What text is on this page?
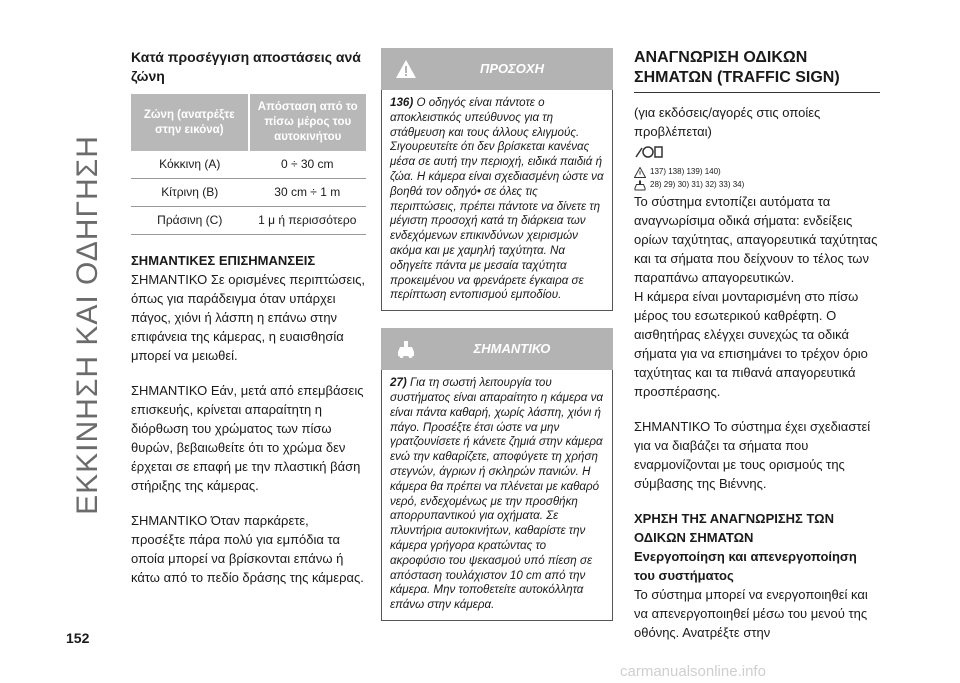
ΕΚΚΙΝΗΣΗ ΚΑΙ ΟΔΗΓΗΣΗ

Κατά προσέγγιση αποστάσεις ανά ζώνη

Ζώνη (ανατρέξτε στην εικόνα)	Απόσταση από το πίσω μέρος του αυτοκινήτου
Κόκκινη (A)	0 ÷ 30 cm
Κίτρινη (B)	30 cm ÷ 1 m
Πράσινη (C)	1 μ ή περισσότερο
ΣΗΜΑΝΤΙΚΕΣ ΕΠΙΣΗΜΑΝΣΕΙΣ

ΣΗΜΑΝΤΙΚΟ Σε ορισμένες περιπτώσεις, όπως για παράδειγμα όταν υπάρχει πάγος, χιόνι ή λάσπη η επάνω στην επιφάνεια της κάμερας, η ευαισθησία μπορεί να μειωθεί.

ΣΗΜΑΝΤΙΚΟ Εάν, μετά από επεμβάσεις επισκευής, κρίνεται απαραίτητη η διόρθωση του χρώματος των πίσω θυρών, βεβαιωθείτε ότι το χρώμα δεν έρχεται σε επαφή με την πλαστική βάση στήριξης της κάμερας.

ΣΗΜΑΝΤΙΚΟ Όταν παρκάρετε, προσέξτε πάρα πολύ για εμπόδια τα οποία μπορεί να βρίσκονται επάνω ή κάτω από το πεδίο δράσης της κάμερας.

ΠΡΟΣΟΧΗ
136) Ο οδηγός είναι πάντοτε ο αποκλειστικός υπεύθυνος για τη στάθμευση και τους άλλους ελιγμούς. Σιγουρευτείτε ότι δεν βρίσκεται κανένας μέσα σε αυτή την περιοχή, ειδικά παιδιά ή ζώα. Η κάμερα είναι σχεδιασμένη ώστε να βοηθά τον οδηγό• σε όλες τις περιπτώσεις, πρέπει πάντοτε να δίνετε τη μέγιστη προσοχή κατά τη διάρκεια των ενδεχόμενων επικινδύνων χειρισμών ακόμα και με χαμηλή ταχύτητα. Να οδηγείτε πάντα με μεσαία ταχύτητα προκειμένου να φρενάρετε έγκαιρα σε περίπτωση εντοπισμού εμποδίου.
ΣΗΜΑΝΤΙΚΟ
27) Για τη σωστή λειτουργία του συστήματος είναι απαραίτητο η κάμερα να είναι πάντα καθαρή, χωρίς λάσπη, χιόνι ή πάγο. Προσέξτε έτσι ώστε να μην γρατζουνίσετε ή κάνετε ζημιά στην κάμερα ενώ την καθαρίζετε, αποφύγετε τη χρήση στεγνών, άγριων ή σκληρών πανιών. Η κάμερα θα πρέπει να πλένεται με καθαρό νερό, ενδεχομένως με την προσθήκη απορρυπαντικού για οχήματα. Σε πλυντήρια αυτοκινήτων, καθαρίστε την κάμερα γρήγορα κρατώντας το ακροφύσιο του ψεκασμού υπό πίεση σε απόσταση τουλάχιστον 10 cm από την κάμερα. Μην τοποθετείτε αυτοκόλλητα επάνω στην κάμερα.

ΑΝΑΓΝΩΡΙΣΗ ΟΔΙΚΩΝ

ΣΗΜΑΤΩΝ (TRAFFIC SIGN)

(για εκδόσεις/αγορές στις οποίες προβλέπεται)
137) 138) 139) 140)
28) 29) 30) 31) 32) 33) 34)

Το σύστημα εντοπίζει αυτόματα τα αναγνωρίσιμα οδικά σήματα: ενδείξεις ορίων ταχύτητας, απαγορευτικά ταχύτητας και τα σήματα που δείχνουν το τέλος των παραπάνω απαγορευτικών.

Η κάμερα είναι μονταρισμένη στο πίσω μέρος του εσωτερικού καθρέφτη. Ο αισθητήρας ελέγχει συνεχώς τα οδικά σήματα για να επισημάνει το τρέχον όριο ταχύτητας και τα πιθανά απαγορευτικά προσπέρασης.

ΣΗΜΑΝΤΙΚΟ Το σύστημα έχει σχεδιαστεί για να διαβάζει τα σήματα που εναρμονίζονται με τους ορισμούς της σύμβασης της Βιέννης.

ΧΡΗΣΗ ΤΗΣ ΑΝΑΓΝΩΡΙΣΗΣ ΤΩΝ ΟΔΙΚΩΝ ΣΗΜΑΤΩΝ
Ενεργοποίηση και απενεργοποίηση του συστήματος

Το σύστημα μπορεί να ενεργοποιηθεί και να απενεργοποιηθεί μέσω του μενού της οθόνης. Ανατρέξτε στην

152
carmanualsonline.info
